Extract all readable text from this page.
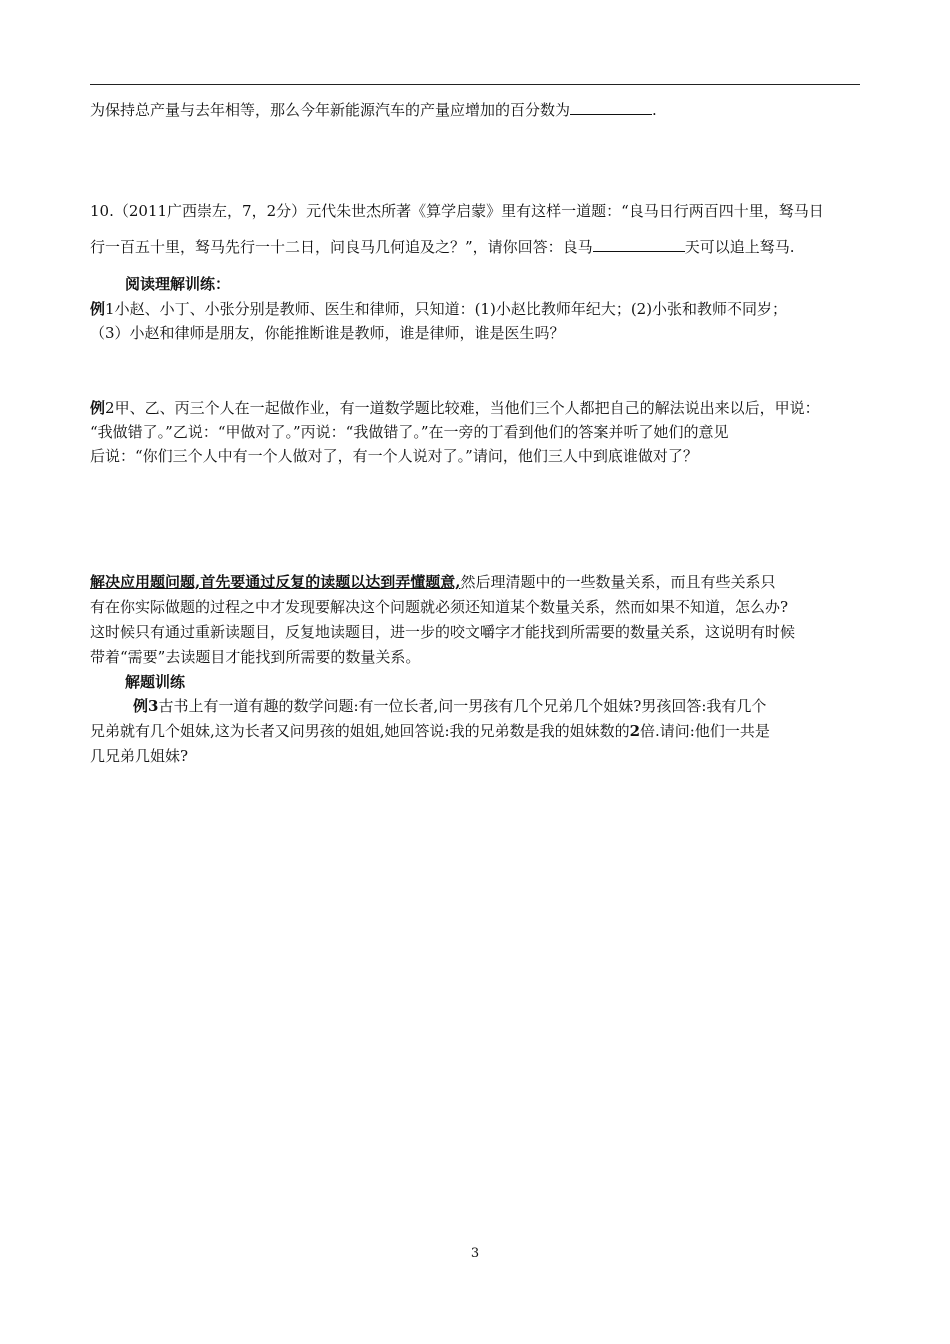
为保持总产量与去年相等，那么今年新能源汽车的产量应增加的百分数为	.
10.（2011广西崇左，7，2分）元代朱世杰所著《算学启蒙》里有这样一道题：“良马日行两百四十里，驽马日
行一百五十里，驽马先行一十二日，问良马几何追及之？”，请你回答：良马	天可以追上驽马.
阅读理解训练：
例1小赵、小丁、小张分别是教师、医生和律师，只知道：(1)小赵比教师年纪大；(2)小张和教师不同岁；
（3）小赵和律师是朋友，你能推断谁是教师，谁是律师，谁是医生吗？
例2甲、乙、丙三个人在一起做作业，有一道数学题比较难，当他们三个人都把自己的解法说出来以后，甲说：
“我做错了。”乙说：“甲做对了。”丙说：“我做错了。”在一旁的丁看到他们的答案并听了她们的意见
后说：“你们三个人中有一个人做对了，有一个人说对了。”请问，他们三人中到底谁做对了？
解决应用题问题,首先要通过反复的读题以达到弄懂题意,然后理清题中的一些数量关系，而且有些关系只
有在你实际做题的过程之中才发现要解决这个问题就必须还知道某个数量关系，然而如果不知道，怎么办?
这时候只有通过重新读题目，反复地读题目，进一步的咬文嚼字才能找到所需要的数量关系，这说明有时候
带着“需要”去读题目才能找到所需要的数量关系。
解题训练
例3古书上有一道有趣的数学问题:有一位长者,问一男孩有几个兄弟几个姐妹?男孩回答:我有几个
兄弟就有几个姐妹,这为长者又问男孩的姐姐,她回答说:我的兄弟数是我的姐妹数的2倍.请问:他们一共是
几兄弟几姐妹?
3
